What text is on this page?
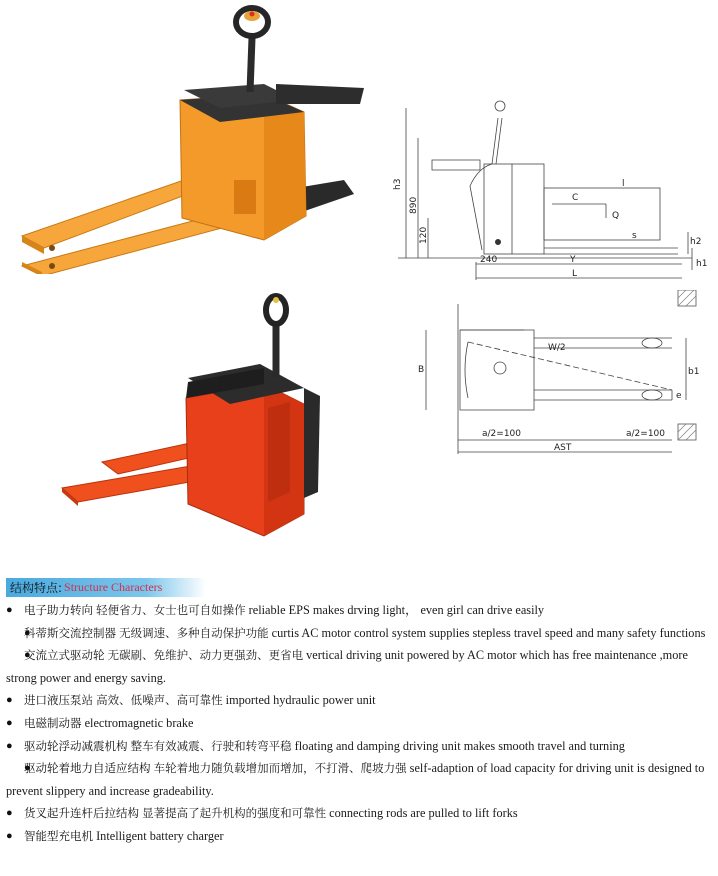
h3
890
120
240	Y
L
C
Q
l
h2
h1
s
B
W/2
b1
e
a/2=100	a/2=100
AST
结构特点: Structure Characters
● 电子助力转向 轻便省力、女士也可自如操作 reliable EPS makes drving light， even girl can drive easily
● 科蒂斯交流控制器 无级调速、多种自动保护功能 curtis AC motor control system supplies stepless travel speed and many safety functions
● 交流立式驱动轮 无碳刷、免维护、动力更强劲、更省电 vertical driving unit powered by AC motor which has free maintenance ,more strong power and energy saving.
● 进口液压泵站 高效、低噪声、高可靠性 imported hydraulic power unit
● 电磁制动器 electromagnetic brake
● 驱动轮浮动减震机构 整车有效减震、行驶和转弯平稳 floating and damping driving unit makes smooth travel and turning
● 驱动轮着地力自适应结构 车轮着地力随负载增加而增加，不打滑、爬坡力强 self-adaption of load capacity for driving unit is designed to prevent slippery and increase gradeability.
● 货叉起升连杆后拉结构 显著提高了起升机构的强度和可靠性 connecting rods are pulled to lift forks
● 智能型充电机 Intelligent battery charger
